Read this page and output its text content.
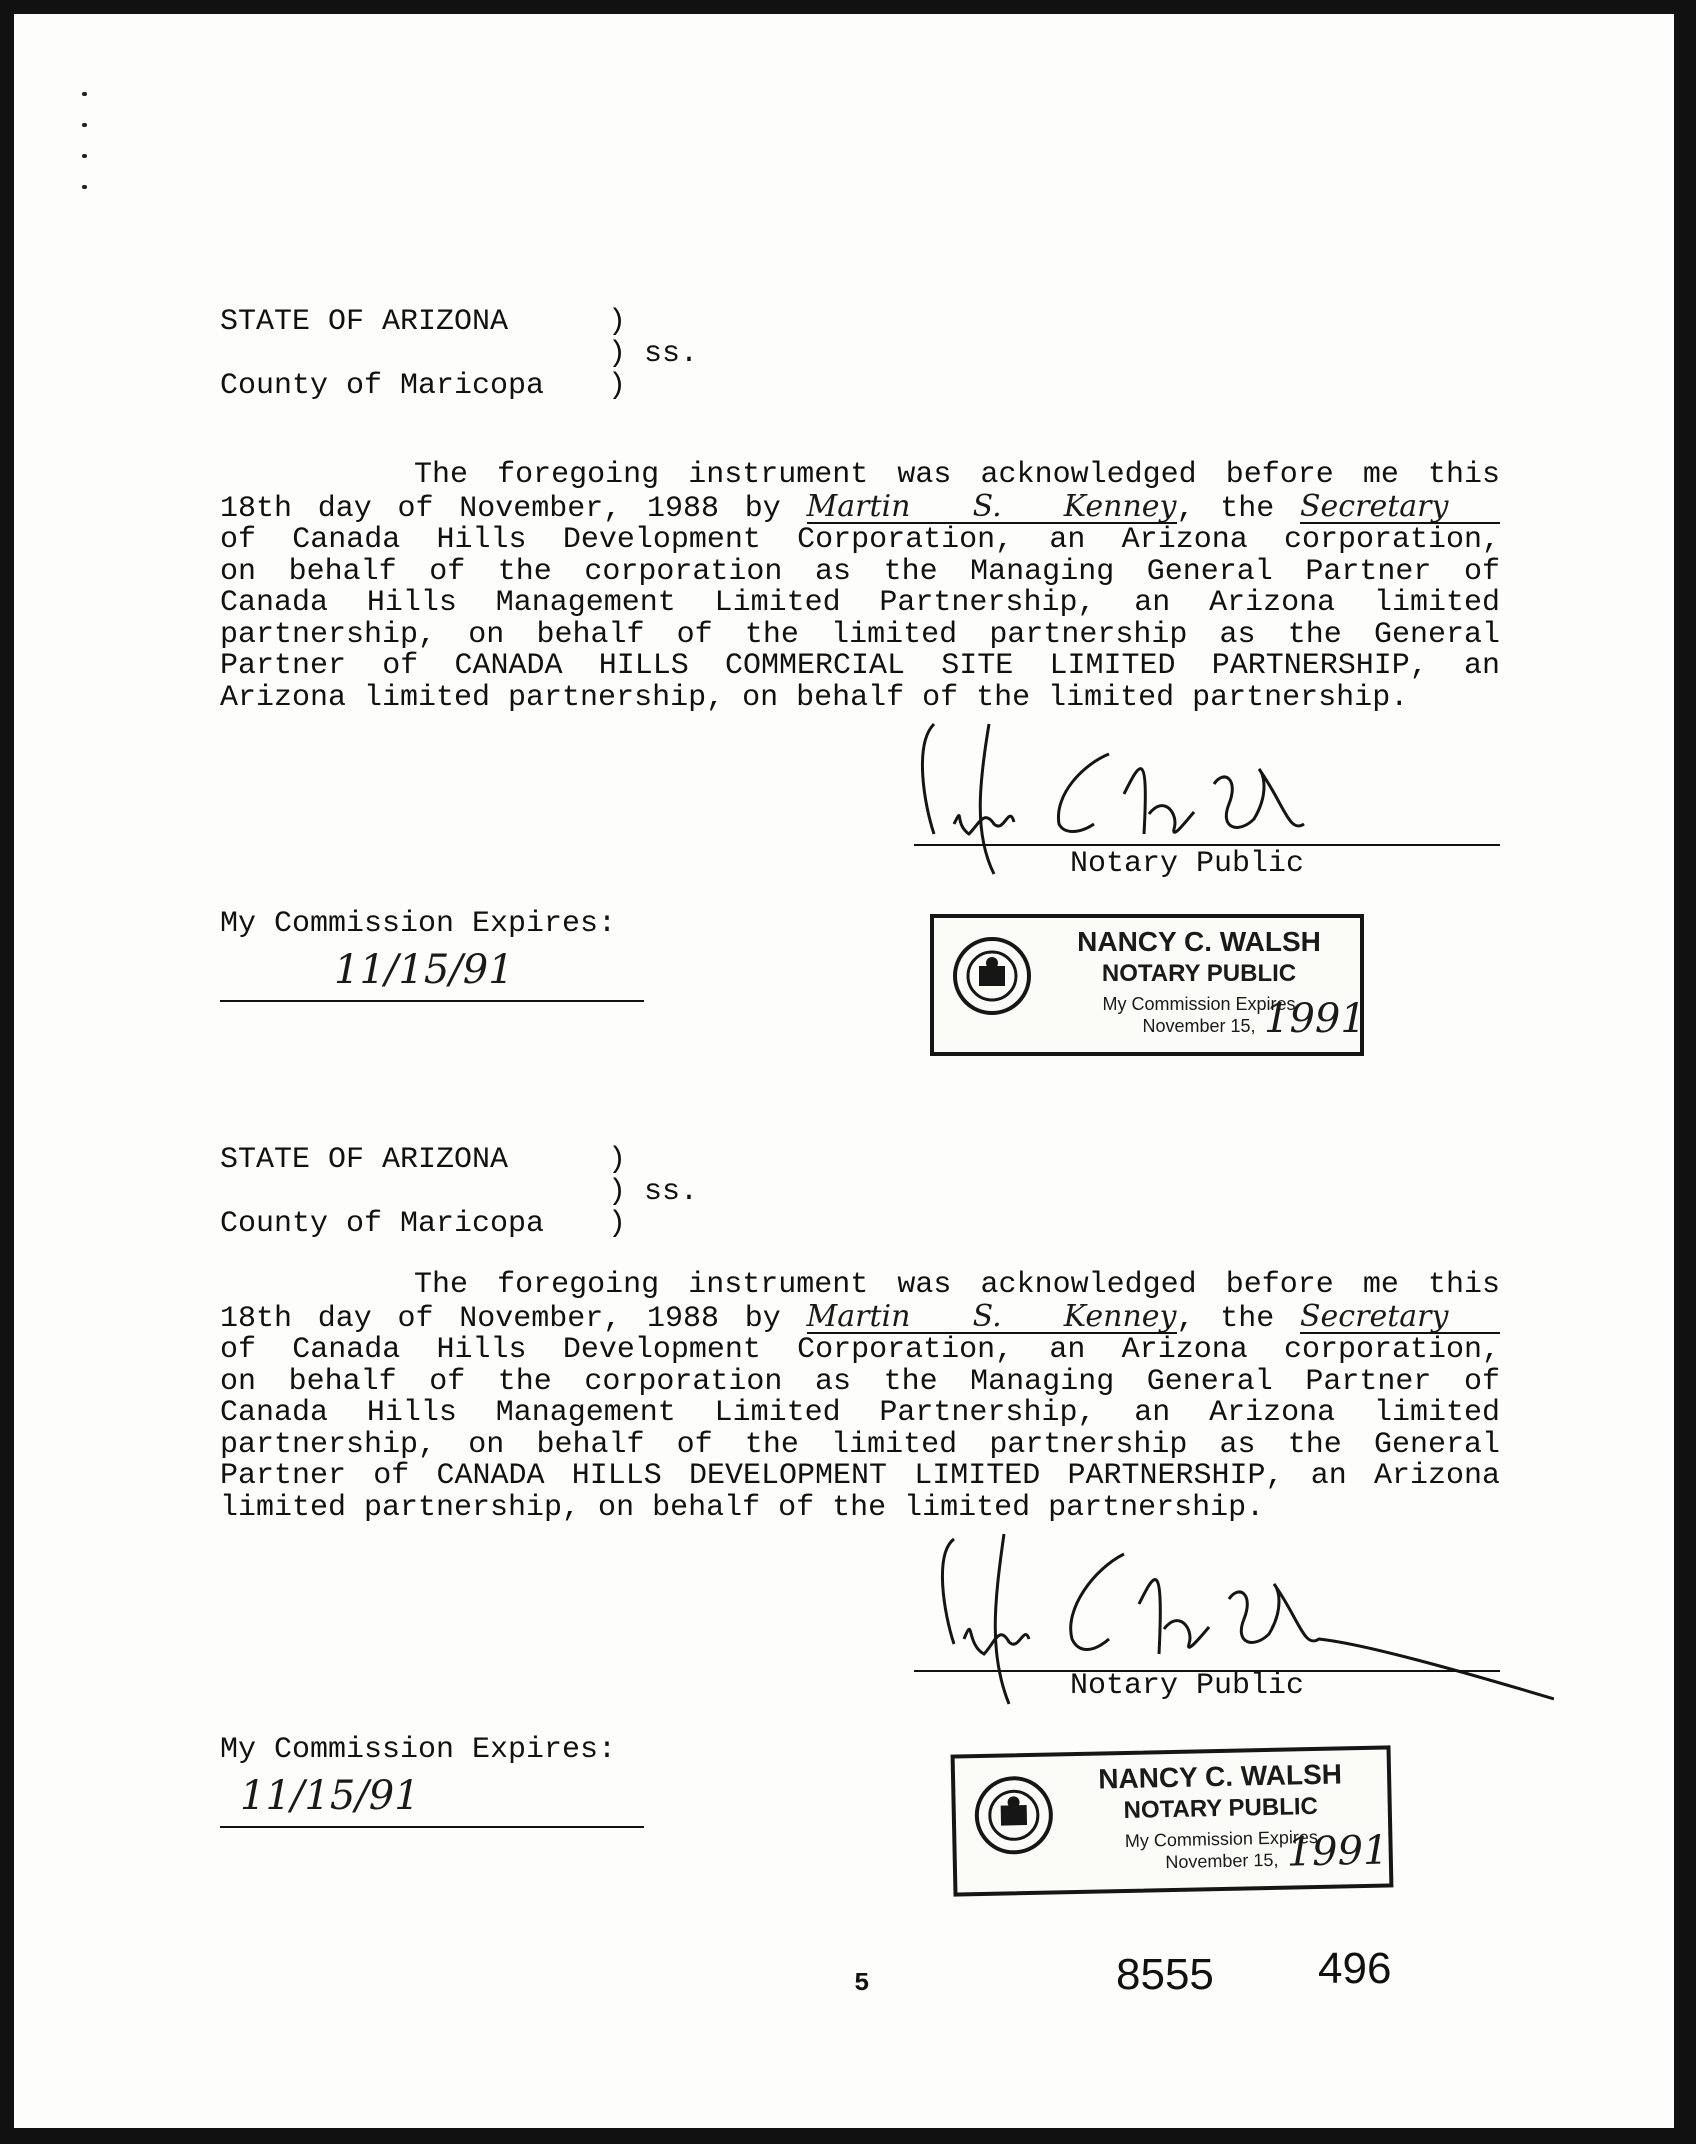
STATE OF ARIZONA	)
) ss.
County of Maricopa )
The foregoing instrument was acknowledged before me this
18th day of November, 1988 by Martin S. Kenney, the Secretary
of Canada Hills Development Corporation, an Arizona corporation,
on behalf of the corporation as the Managing General Partner of
Canada Hills Management Limited Partnership, an Arizona limited
partnership, on behalf of the limited partnership as the General
Partner of CANADA HILLS COMMERCIAL SITE LIMITED PARTNERSHIP, an
Arizona limited partnership, on behalf of the limited partnership.
Notary Public
My Commission Expires:
11/15/91
NANCY C. WALSH
NOTARY PUBLIC
My Commission Expires
November 15, 1991
STATE OF ARIZONA	)
) ss.
County of Maricopa )
The foregoing instrument was acknowledged before me this
18th day of November, 1988 by Martin S. Kenney, the Secretary
of Canada Hills Development Corporation, an Arizona corporation,
on behalf of the corporation as the Managing General Partner of
Canada Hills Management Limited Partnership, an Arizona limited
partnership, on behalf of the limited partnership as the General
Partner of CANADA HILLS DEVELOPMENT LIMITED PARTNERSHIP, an Arizona
limited partnership, on behalf of the limited partnership.
Notary Public
My Commission Expires:
11/15/91	NANCY C. WALSH
NOTARY PUBLIC
My Commission Expires
November 15, 1991
5	8555 496
